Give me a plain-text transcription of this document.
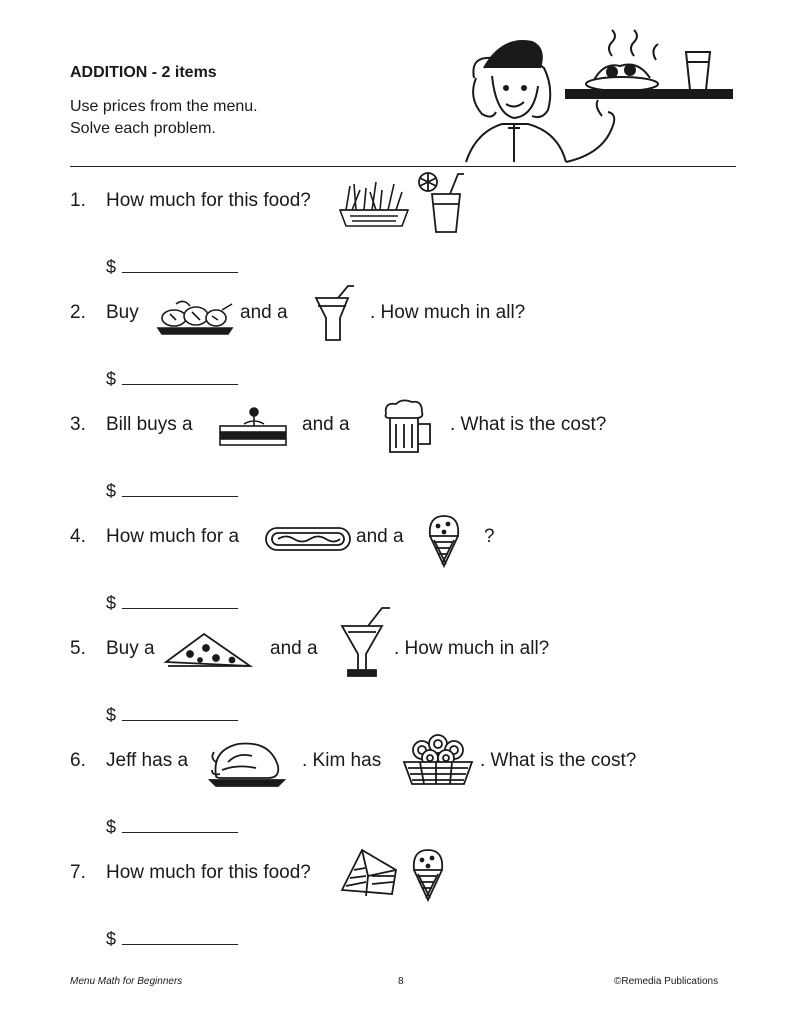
ADDITION - 2 items
Use prices from the menu.
Solve each problem.
1. How much for this food?
$
2. Buy	and a	. How much in all?
$
3. Bill buys a	and a	. What is the cost?
$
4. How much for a	and a	?
$
5. Buy a	and a	. How much in all?
$
6. Jeff has a	. Kim has	. What is the cost?
$
7. How much for this food?
$
Menu Math for Beginners	8	©Remedia Publications
